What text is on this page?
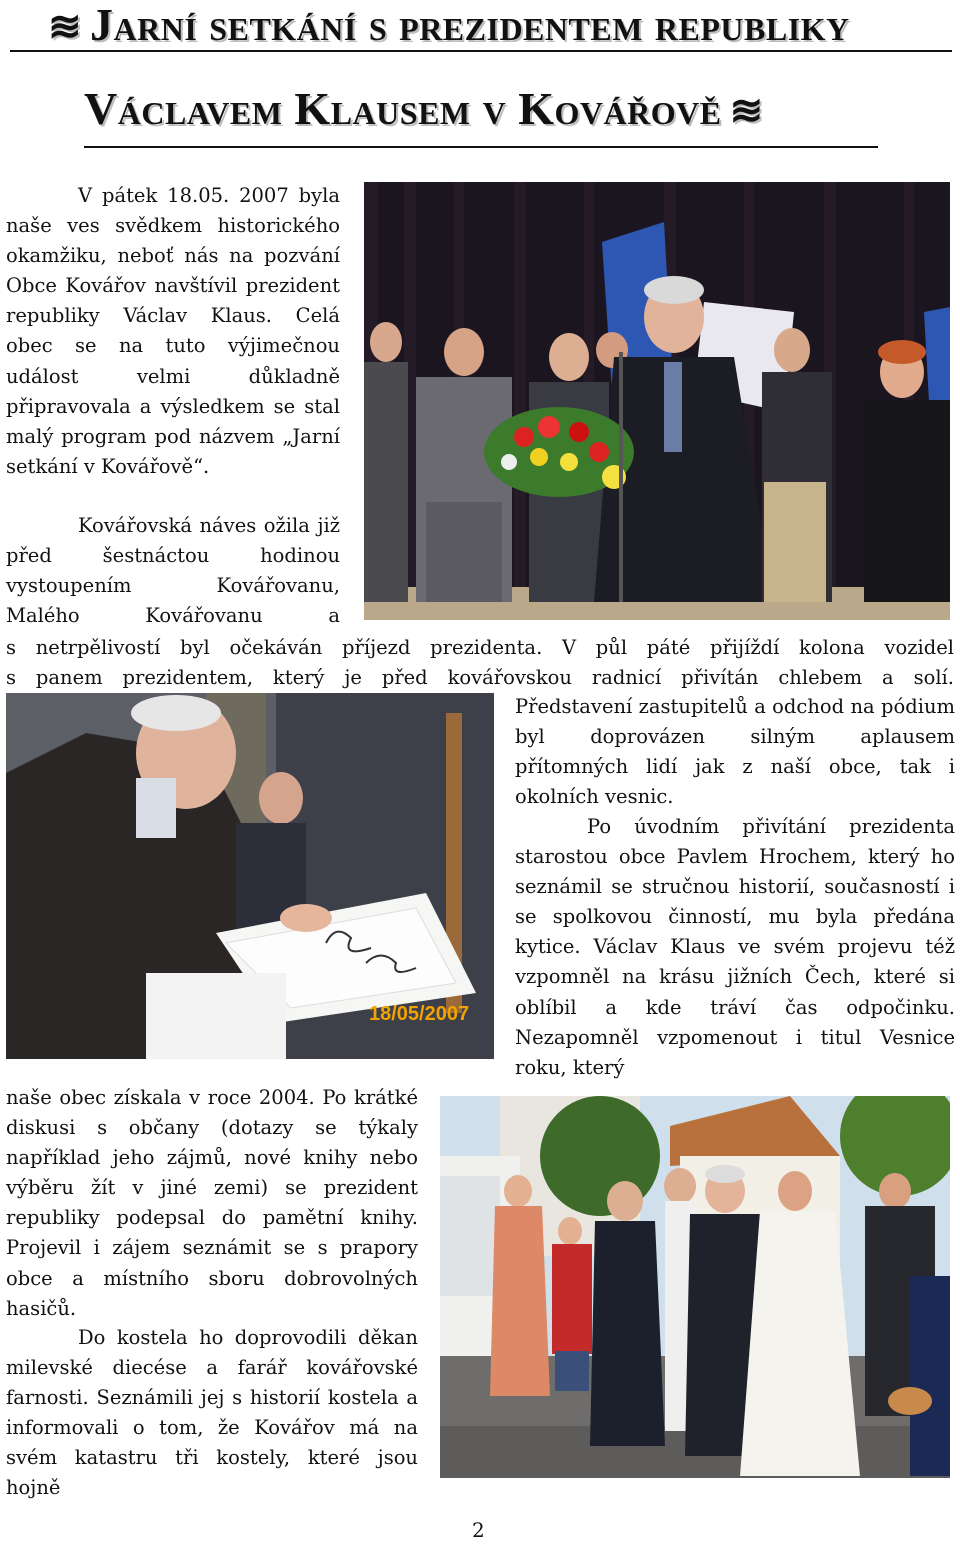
≋ Jarní setkání s prezidentem republiky
Václavem Klausem v Kovářově ≋

V pátek 18.05. 2007 byla naše ves svědkem historického okamžiku, neboť nás na pozvání Obce Kovářov navštívil prezident republiky Václav Klaus. Celá obec se na tuto výjimečnou událost velmi důkladně připravovala a výsledkem se stal malý program pod názvem „Jarní setkání v Kovářově“.

Kovářovská náves ožila již před šestnáctou hodinou vystoupením Kovářovanu, Malého Kovářovanu a

s netrpělivostí byl očekáván příjezd prezidenta. V půl páté přijíždí kolona vozidel
s panem prezidentem, který je před kovářovskou radnicí přivítán chlebem a solí.
18/05/2007

Představení zastupitelů a odchod na pódium byl doprovázen silným aplausem přítomných lidí jak z naší obce, tak i okolních vesnic.

Po úvodním přivítání prezidenta starostou obce Pavlem Hrochem, který ho seznámil se stručnou historií, současností i se spolkovou činností, mu byla předána kytice. Václav Klaus ve svém projevu též vzpomněl na krásu jižních Čech, které si oblíbil a kde tráví čas odpočinku. Nezapomněl vzpomenout i titul Vesnice roku, který

naše obec získala v roce 2004. Po krátké diskusi s občany (dotazy se týkaly například jeho zájmů, nové knihy nebo výběru žít v jiné zemi) se prezident republiky podepsal do pamětní knihy. Projevil i zájem seznámit se s prapory obce a místního sboru dobrovolných hasičů.

Do kostela ho doprovodili děkan milevské diecése a farář kovářovské farnosti. Seznámili jej s historií kostela a informovali o tom, že Kovářov má na svém katastru tři kostely, které jsou hojně

2
